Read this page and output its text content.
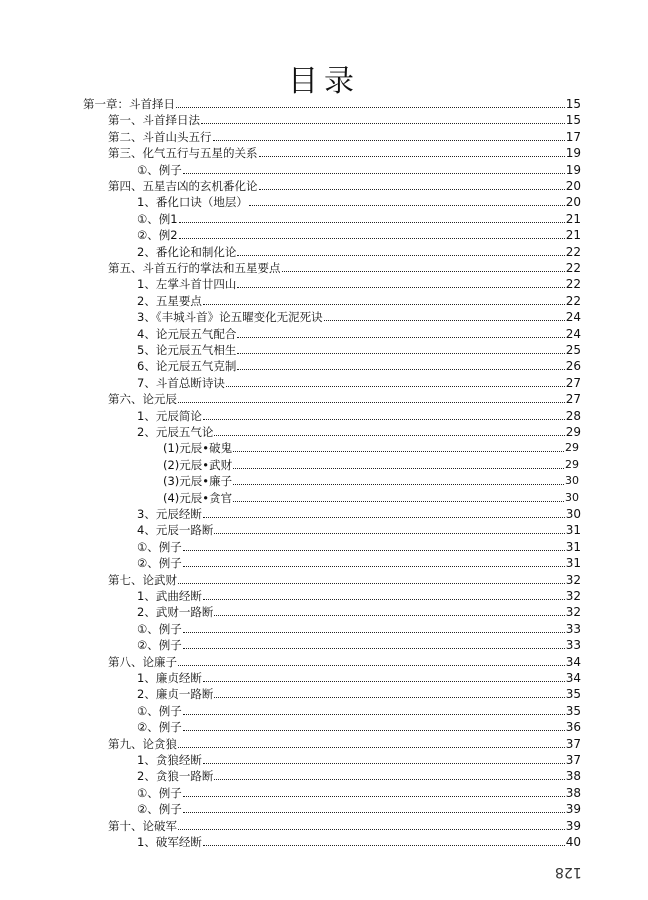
目录
第一章：斗首择日	15
第一、斗首择日法	15
第二、斗首山头五行	17
第三、化气五行与五星的关系	19
①、例子	19
第四、五星吉凶的玄机番化论	20
1、番化口诀（地层）	20
①、例1	21
②、例2	21
2、番化论和制化论	22
第五、斗首五行的掌法和五星要点	22
1、左掌斗首廿四山	22
2、五星要点	22
3、《丰城斗首》论五曜变化无泥死诀	24
4、论元辰五气配合	24
5、论元辰五气相生	25
6、论元辰五气克制	26
7、斗首总断诗诀	27
第六、论元辰	27
1、元辰简论	28
2、元辰五气论	29
(1)元辰•破鬼	29
(2)元辰•武财	29
(3)元辰•廉子	30
(4)元辰•贪官	30
3、元辰经断	30
4、元辰一路断	31
①、例子	31
②、例子	31
第七、论武财	32
1、武曲经断	32
2、武财一路断	32
①、例子	33
②、例子	33
第八、论廉子	34
1、廉贞经断	34
2、廉贞一路断	35
①、例子	35
②、例子	36
第九、论贪狼	37
1、贪狼经断	37
2、贪狼一路断	38
①、例子	38
②、例子	39
第十、论破军	39
1、破军经断	40
128
